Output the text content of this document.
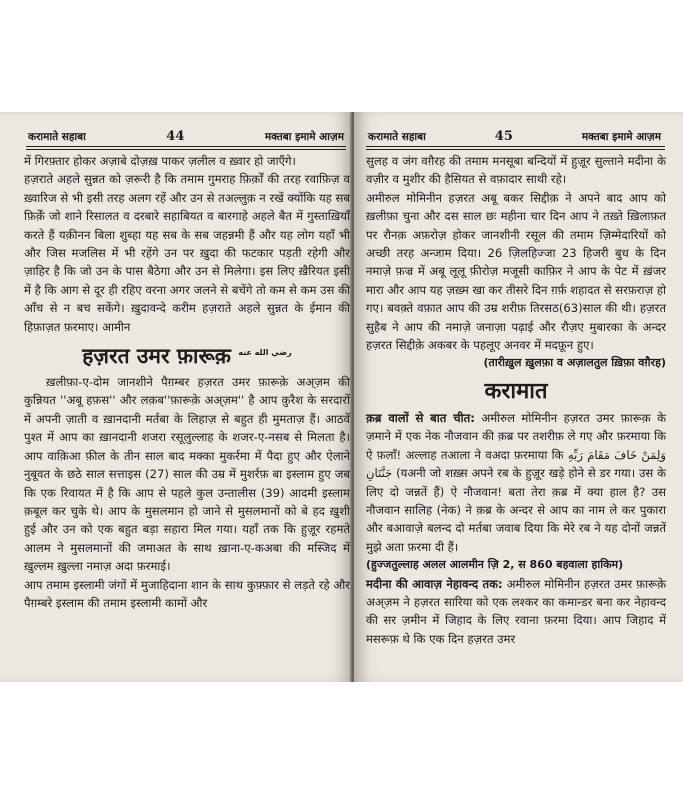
करामाते सहाबा	44	मक्तबा इमामे आज़म

में गिरफ़्तार होकर अज़ाबे दोज़ख़ पाकर ज़लील व ख़्वार हो जाएँगे।

हज़राते अहले सुन्नत को ज़रूरी है कि तमाम गुमराह फ़िर्क़ों की तरह रवाफ़िज़ व ख़्वारिज से भी इसी तरह अलग रहें और उन से तअल्लुक़ न रखें क्योंकि यह सब फ़िर्क़ें जो शाने रिसालत व दरबारे सहाबियत व बारगाहे अहले बैत में गुस्ताख़ियाँ करते हैं यक़ीनन बिला शुब्हा यह सब के सब जहन्नमी हैं और यह लोग यहाँ भी और जिस मजलिस में भी रहेंगे उन पर ख़ुदा की फटकार पड़ती रहेगी और ज़ाहिर है कि जो उन के पास बैठेगा और उन से मिलेगा। इस लिए ख़ैरियत इसी में है कि आग से दूर ही रहिए वरना अगर जलने से बचेंगे तो कम से कम उस की आँच से न बच सकेंगे। ख़ुदावन्दे करीम हज़राते अहले सुन्नत के ईमान की हिफ़ाज़त फ़रमाए। आमीन

हज़रत उमर फ़ारूक़ $^{رضي الله عنه}$

ख़लीफ़ा-ए-दोम जानशीने पैग़म्बर हज़रत उमर फ़ारूक़े अअ्ज़म की कुन्नियत ''अबू हफ़स'' और लक़ब''फ़ारूक़े अअ्ज़म'' है आप क़ुरैश के सरदारों में अपनी ज़ाती व ख़ानदानी मर्तबा के लिहाज़ से बहुत ही मुमताज़ हैं। आठवें पुश्त में आप का ख़ानदानी शजरा रसूलुल्लाह के शजर-ए-नसब से मिलता है। आप वाक़िआ फ़ील के तीन साल बाद मक्का मुकर्रमा में पैदा हुए और ऐलाने नुबूवत के छठे साल सत्ताइस (27) साल की उम्र में मुशर्रफ़ बा इस्लाम हुए जब कि एक रिवायत में है कि आप से पहले कुल उन्तालीस (39) आदमी इस्लाम क़बूल कर चुके थे। आप के मुसलमान हो जाने से मुसलमानों को बे हद ख़ुशी हुई और उन को एक बहुत बड़ा सहारा मिल गया। यहाँ तक कि हुज़ूर रहमते आलम ने मुसलमानों की जमाअत के साथ ख़ाना-ए-कअबा की मस्जिद में ख़ुल्लम ख़ुल्ला नमाज़ अदा फ़रमाई।

आप तमाम इस्लामी जंगों में मुजाहिदाना शान के साथ कुफ़्फ़ार से लड़ते रहे और पैग़म्बरे इस्लाम की तमाम इस्लामी कामों और

करामाते सहाबा	45	मक्तबा इमामे आज़म

सुलह व जंग वग़ैरह की तमाम मनसूबा बन्दियों में हुज़ूर सुल्ताने मदीना के वज़ीर व मुशीर की हैसियत से वफ़ादार साथी रहे।

अमीरुल मोमिनीन हज़रत अबू बकर सिद्दीक़ ने अपने बाद आप को ख़लीफ़ा चुना और दस साल छः महीना चार दिन आप ने तख़्ते ख़िलाफ़त पर रौनक़ अफ़रोज़ होकर जानशीनी रसूल की तमाम ज़िम्मेदारियों को अच्छी तरह अन्जाम दिया। 26 ज़िलहिज्जा 23 हिजरी बुध के दिन नमाज़े फ़ज्र में अबू लूलू फ़ीरोज़ मजूसी काफ़िर ने आप के पेट में ख़ंजर मारा और आप यह ज़ख़्म खा कर तीसरे दिन ग़र्फ़ शहादत से सरफ़राज़ हो गए। बवक़्ते वफ़ात आप की उम्र शरीफ़ तिरसठ(63)साल की थी। हज़रत सुहैब ने आप की नमाज़े जनाज़ा पढ़ाई और रौज़ए मुबारका के अन्दर हज़रत सिद्दीक़े अकबर के पहलूए अनवर में मदफ़ून हुए।

(तारीख़ुल ख़ुलफ़ा व अज़ालतुल ख़िफ़ा वग़ैरह)

करामात

क़ब्र वालों से बात चीत: अमीरुल मोमिनीन हज़रत उमर फ़ारूक़ के ज़माने में एक नेक नौजवान की क़ब्र पर तशरीफ़ ले गए और फ़रमाया कि ऐ फ़लाँ! अल्लाह तआला ने वअदा फ़रमाया कि وَلِمَنْ خَافَ مَقَامَ رَبِّهِ جَنَّتَانِ (यअनी जो शख़्स अपने रब के हुज़ूर खड़े होने से डर गया। उस के लिए दो जन्नतें हैं) ऐ नौजवान! बता तेरा क़ब्र में क्या हाल है? उस नौजवान सालिह (नेक) ने क़ब्र के अन्दर से आप का नाम ले कर पुकारा और बआवाज़े बलन्द दो मर्तबा जवाब दिया कि मेरे रब ने यह दोनों जन्नतें मुझे अता फ़रमा दी हैं।

(हुज्जतुल्लाह अलल आलमीन ज़ि 2, स 860 बहवाला हाकिम)

मदीना की आवाज़ नेहावन्द तक: अमीरुल मोमिनीन हज़रत उमर फ़ारूक़े अअ्ज़म ने हज़रत सारिया को एक लश्कर का कमान्डर बना कर नेहावन्द की सर ज़मीन में जिहाद के लिए रवाना फ़रमा दिया। आप जिहाद में मसरूफ़ थे कि एक दिन हज़रत उमर
